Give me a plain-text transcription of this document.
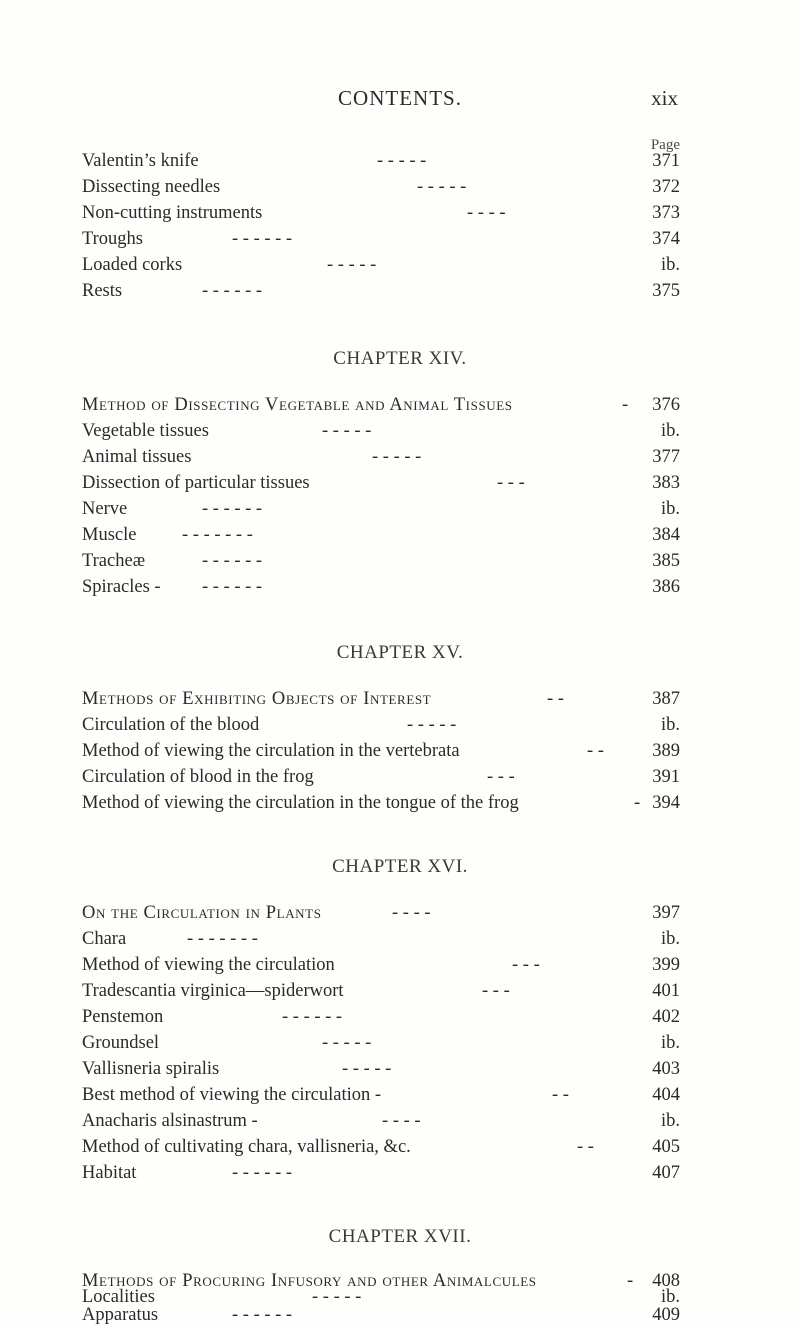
CONTENTS.	xix
Page
Valentin’s knife	- - - - -	371
Dissecting needles	- - - - -	372
Non-cutting instruments	- - - -	373
Troughs	- - - - - -	374
Loaded corks	- - - - -	ib.
Rests	- - - - - -	375
CHAPTER XIV.
Method of Dissecting Vegetable and Animal Tissues	-	376
Vegetable tissues	- - - - -	ib.
Animal tissues	- - - - -	377
Dissection of particular tissues	- - -	383
Nerve	- - - - - -	ib.
Muscle - - - - - - -	384
Tracheæ	- - - - - -	385
Spiracles - - - - - - -	386
CHAPTER XV.
Methods of Exhibiting Objects of Interest	- -	387
Circulation of the blood	- - - - -	ib.
Method of viewing the circulation in the vertebrata	- -	389
Circulation of blood in the frog	- - -	391
Method of viewing the circulation in the tongue of the frog	- 394
CHAPTER XVI.
On the Circulation in Plants	- - - -	397
Chara	- - - - - - -	ib.
Method of viewing the circulation	- - -	399
Tradescantia virginica—spiderwort	- - -	401
Penstemon	- - - - - -	402
Groundsel	- - - - -	ib.
Vallisneria spiralis	- - - - -	403
Best method of viewing the circulation -	- -	404
Anacharis alsinastrum -	- - - -	ib.
Method of cultivating chara, vallisneria, &c.	- -	405
Habitat	- - - - - -	407
CHAPTER XVII.
Methods of Procuring Infusory and other Animalcules	-	408
Localities	- - - - -	ib.
Apparatus	- - - - - -	409
